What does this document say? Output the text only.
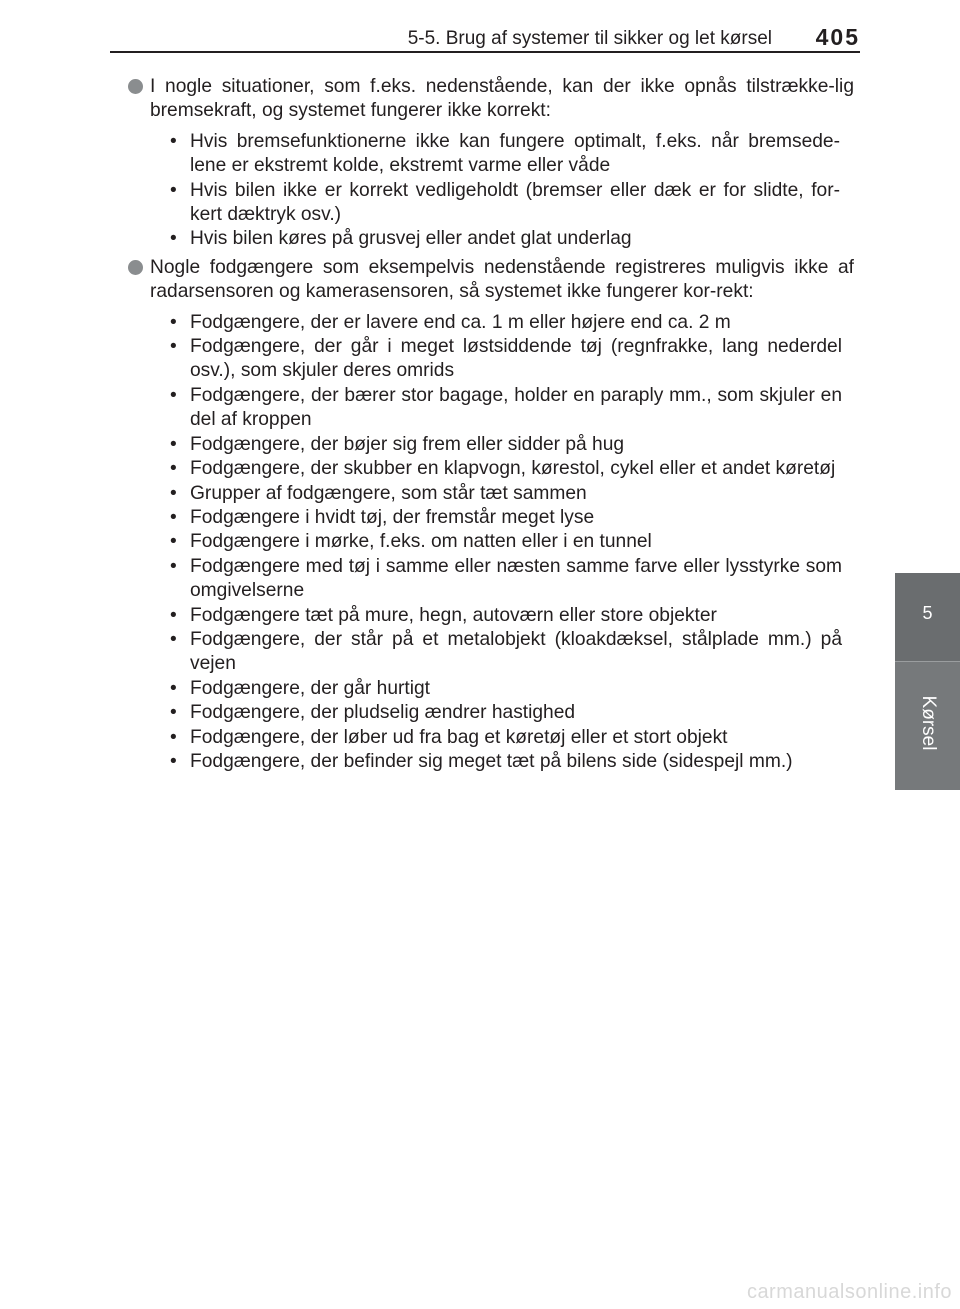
5-5. Brug af systemer til sikker og let kørsel 405
5
Kørsel
I nogle situationer, som f.eks. nedenstående, kan der ikke opnås tilstrække-lig bremsekraft, og systemet fungerer ikke korrekt:
• Hvis bremsefunktionerne ikke kan fungere optimalt, f.eks. når bremsede-lene er ekstremt kolde, ekstremt varme eller våde
• Hvis bilen ikke er korrekt vedligeholdt (bremser eller dæk er for slidte, for-kert dæktryk osv.)
• Hvis bilen køres på grusvej eller andet glat underlag
Nogle fodgængere som eksempelvis nedenstående registreres muligvis ikke af radarsensoren og kamerasensoren, så systemet ikke fungerer kor-rekt:
• Fodgængere, der er lavere end ca. 1 m eller højere end ca. 2 m
• Fodgængere, der går i meget løstsiddende tøj (regnfrakke, lang nederdel osv.), som skjuler deres omrids
• Fodgængere, der bærer stor bagage, holder en paraply mm., som skjuler en del af kroppen
• Fodgængere, der bøjer sig frem eller sidder på hug
• Fodgængere, der skubber en klapvogn, kørestol, cykel eller et andet køretøj
• Grupper af fodgængere, som står tæt sammen
• Fodgængere i hvidt tøj, der fremstår meget lyse
• Fodgængere i mørke, f.eks. om natten eller i en tunnel
• Fodgængere med tøj i samme eller næsten samme farve eller lysstyrke som omgivelserne
• Fodgængere tæt på mure, hegn, autoværn eller store objekter
• Fodgængere, der står på et metalobjekt (kloakdæksel, stålplade mm.) på vejen
• Fodgængere, der går hurtigt
• Fodgængere, der pludselig ændrer hastighed
• Fodgængere, der løber ud fra bag et køretøj eller et stort objekt
• Fodgængere, der befinder sig meget tæt på bilens side (sidespejl mm.)
carmanualsonline.info
